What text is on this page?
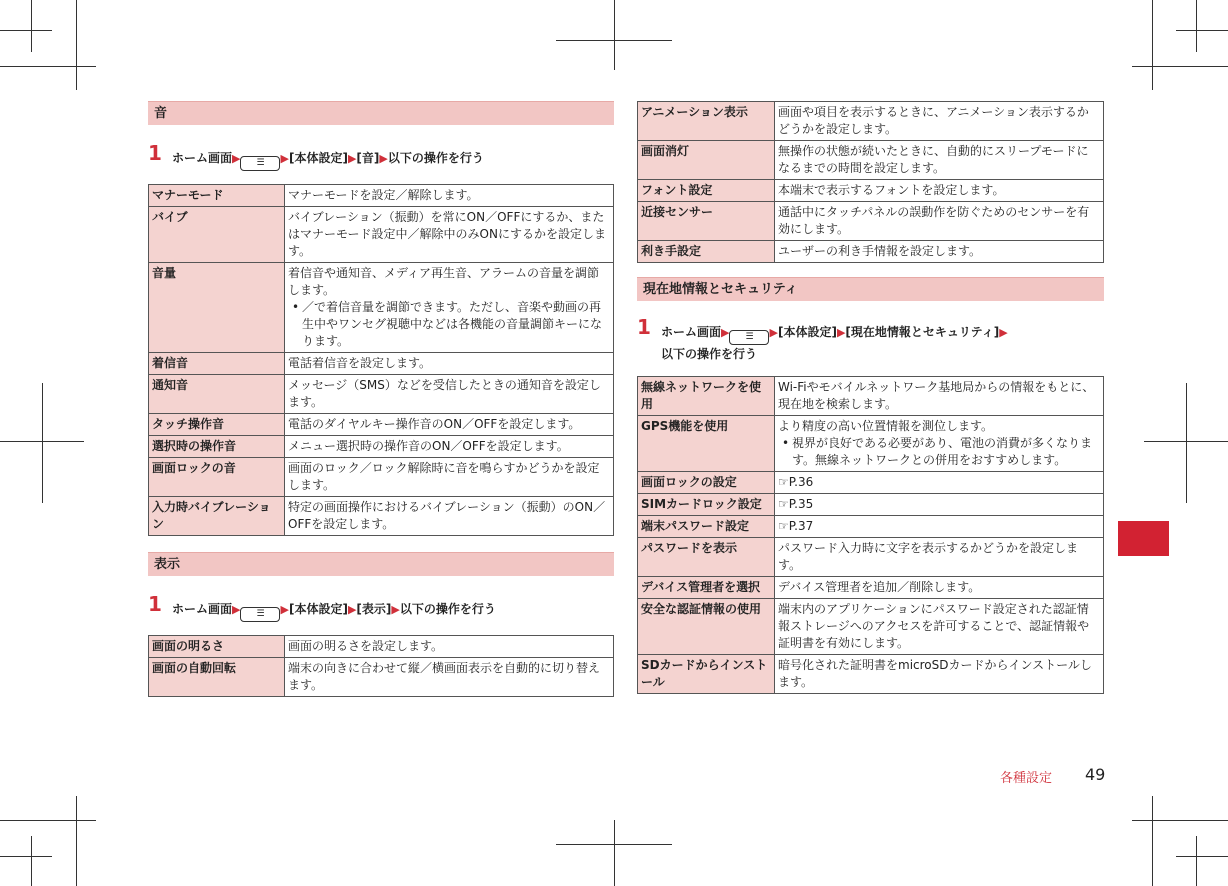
音
1 ホーム画面▶ ☰ ▶[本体設定]▶[音]▶以下の操作を行う
マナーモード	マナーモードを設定／解除します。
バイブ	バイブレーション（振動）を常にON／OFFにするか、またはマナーモード設定中／解除中のみONにするかを設定します。
音量	着信音や通知音、メディア再生音、アラームの音量を調節します。
• ／で着信音量を調節できます。ただし、音楽や動画の再生中やワンセグ視聴中などは各機能の音量調節キーになります。

着信音	電話着信音を設定します。
通知音	メッセージ（SMS）などを受信したときの通知音を設定します。
タッチ操作音	電話のダイヤルキー操作音のON／OFFを設定します。
選択時の操作音	メニュー選択時の操作音のON／OFFを設定します。
画面ロックの音	画面のロック／ロック解除時に音を鳴らすかどうかを設定します。
入力時バイブレーション	特定の画面操作におけるバイブレーション（振動）のON／OFFを設定します。
表示
1 ホーム画面▶ ☰ ▶[本体設定]▶[表示]▶以下の操作を行う
画面の明るさ	画面の明るさを設定します。
画面の自動回転	端末の向きに合わせて縦／横画面表示を自動的に切り替えます。
アニメーション表示	画面や項目を表示するときに、アニメーション表示するかどうかを設定します。
画面消灯	無操作の状態が続いたときに、自動的にスリープモードになるまでの時間を設定します。
フォント設定	本端末で表示するフォントを設定します。
近接センサー	通話中にタッチパネルの誤動作を防ぐためのセンサーを有効にします。
利き手設定	ユーザーの利き手情報を設定します。
現在地情報とセキュリティ
1 ホーム画面▶ ☰ ▶[本体設定]▶[現在地情報とセキュリティ]▶
以下の操作を行う
無線ネットワークを使用	Wi-Fiやモバイルネットワーク基地局からの情報をもとに、現在地を検索します。
GPS機能を使用	より精度の高い位置情報を測位します。
• 視界が良好である必要があり、電池の消費が多くなります。無線ネットワークとの併用をおすすめします。

画面ロックの設定	☞P.36
SIMカードロック設定	☞P.35
端末パスワード設定	☞P.37
パスワードを表示	パスワード入力時に文字を表示するかどうかを設定します。
デバイス管理者を選択	デバイス管理者を追加／削除します。
安全な認証情報の使用	端末内のアプリケーションにパスワード設定された認証情報ストレージへのアクセスを許可することで、認証情報や証明書を有効にします。
SDカードからインストール	暗号化された証明書をmicroSDカードからインストールします。
各種設定 49
